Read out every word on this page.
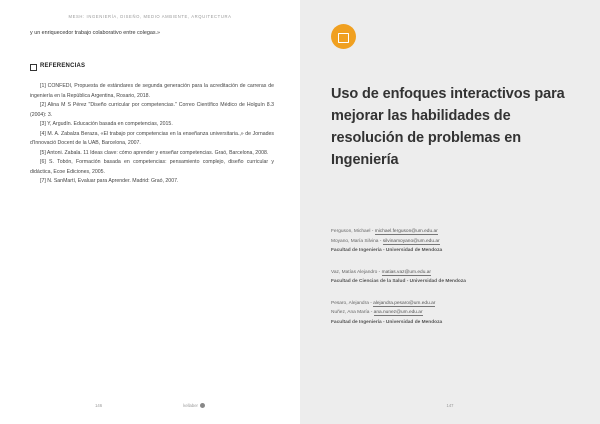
MESH: INGENIERÍA, DISEÑO, MEDIO AMBIENTE, ARQUITECTURA
y un enriquecedor trabajo colaborativo entre colegas.»
REFERENCIAS

[1] CONFEDI, Propuesta de estándares de segunda generación para la acreditación de carreras de ingeniería en la República Argentina, Rosario, 2018.

[2] Alina M S Pérez "Diseño curricular por competencias." Correo Científico Médico de Holguín 8.3 (2004): 3.

[3] Y, Argudín. Educación basada en competencias, 2015.

[4] M. A. Zabalza Beraza, «El trabajo por competencias en la enseñanza universitaria.,» de Jornades d'Innovació Docent de la UAB, Barcelona, 2007.

[5] Antoni. Zabala. 11 Ideas clave: cómo aprender y enseñar competencias. Graó, Barcelona, 2008.

[6] S. Tobón, Formación basada en competencias: pensamiento complejo, diseño curricular y didáctica, Ecoe Ediciones, 2005.

[7] N. SanMartí, Evaluar para Aprender. Madrid: Graó, 2007.

146	kellaber
Uso de enfoques interactivos para mejorar las habilidades de resolución de problemas en Ingeniería
Ferguson, Michael - michael.ferguson@um.edu.ar
Moyano, María Silvina - silvinamoyano@um.edu.ar
Facultad de Ingeniería - Universidad de Mendoza
Vaz, Matías Alejandro - matias.vaz@um.edu.ar
Facultad de Ciencias de la Salud - Universidad de Mendoza
Pesaro, Alejandra - alejandra.pesaro@um.edu.ar
Nuñez, Ana María - ana.nunez@um.edu.ar
Facultad de Ingeniería - Universidad de Mendoza
147
